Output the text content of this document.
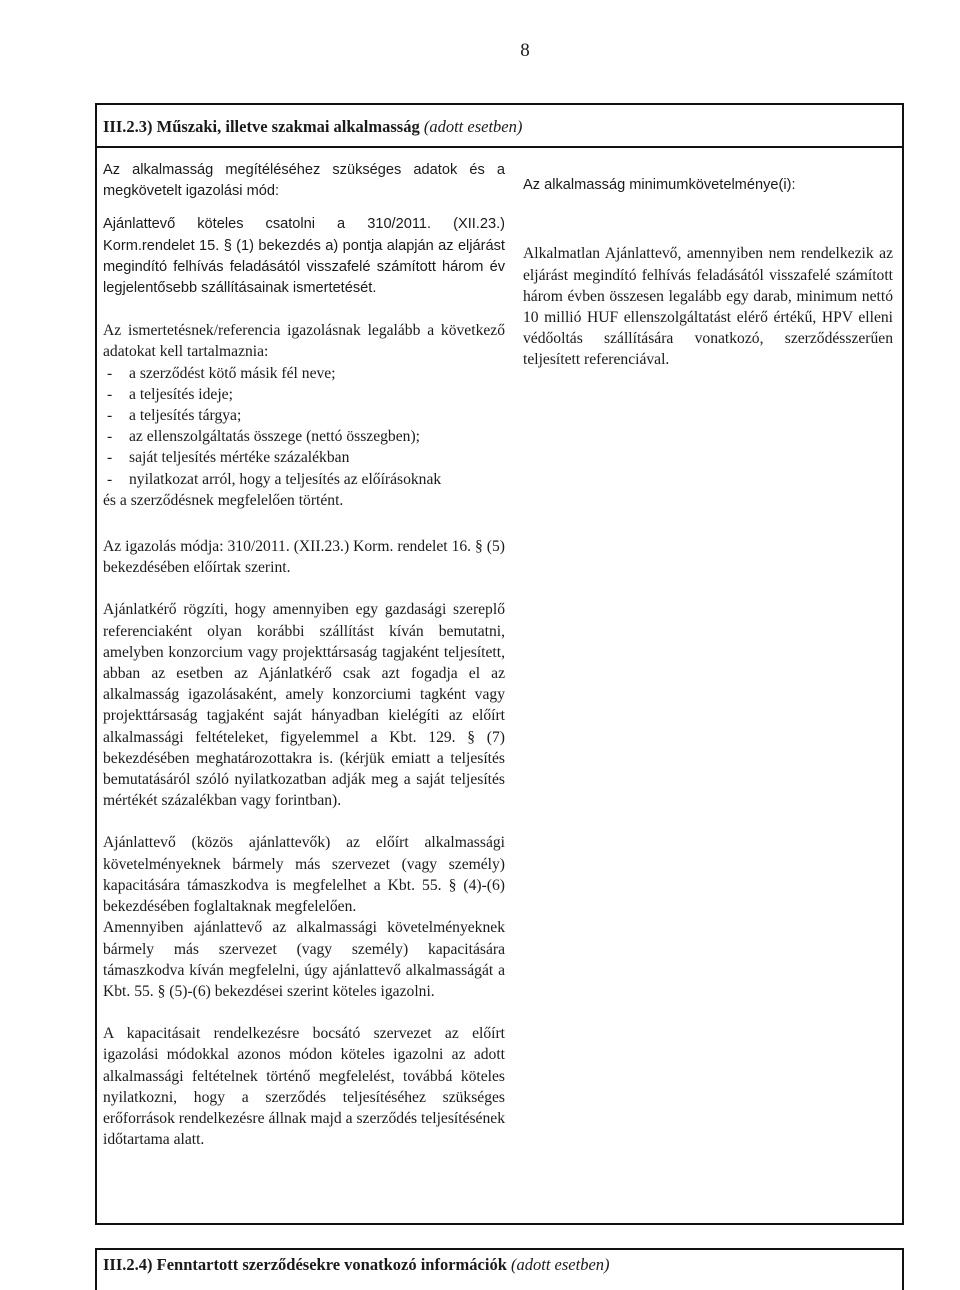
8
III.2.3) Műszaki, illetve szakmai alkalmasság (adott esetben)

Az alkalmasság megítéléséhez szükséges adatok és a megkövetelt igazolási mód:

Ajánlattevő köteles csatolni a 310/2011. (XII.23.) Korm.rendelet 15. § (1) bekezdés a) pontja alapján az eljárást megindító felhívás feladásától visszafelé számított három év legjelentősebb szállításainak ismertetését.

Az ismertetésnek/referencia igazolásnak legalább a következő adatokat kell tartalmaznia:

- a szerződést kötő másik fél neve;
- a teljesítés ideje;
- a teljesítés tárgya;
- az ellenszolgáltatás összege (nettó összegben);
- saját teljesítés mértéke százalékban
- nyilatkozat arról, hogy a teljesítés az előírásoknak

és a szerződésnek megfelelően történt.

Az igazolás módja: 310/2011. (XII.23.) Korm. rendelet 16. § (5) bekezdésében előírtak szerint.

Ajánlatkérő rögzíti, hogy amennyiben egy gazdasági szereplő referenciaként olyan korábbi szállítást kíván bemutatni, amelyben konzorcium vagy projekttársaság tagjaként teljesített, abban az esetben az Ajánlatkérő csak azt fogadja el az alkalmasság igazolásaként, amely konzorciumi tagként vagy projekttársaság tagjaként saját hányadban kielégíti az előírt alkalmassági feltételeket, figyelemmel a Kbt. 129. § (7) bekezdésében meghatározottakra is. (kérjük emiatt a teljesítés bemutatásáról szóló nyilatkozatban adják meg a saját teljesítés mértékét százalékban vagy forintban).

Ajánlattevő (közös ajánlattevők) az előírt alkalmassági követelményeknek bármely más szervezet (vagy személy) kapacitására támaszkodva is megfelelhet a Kbt. 55. § (4)-(6) bekezdésében foglaltaknak megfelelően.

Amennyiben ajánlattevő az alkalmassági követelményeknek bármely más szervezet (vagy személy) kapacitására támaszkodva kíván megfelelni, úgy ajánlattevő alkalmasságát a Kbt. 55. § (5)-(6) bekezdései szerint köteles igazolni.

A kapacitásait rendelkezésre bocsátó szervezet az előírt igazolási módokkal azonos módon köteles igazolni az adott alkalmassági feltételnek történő megfelelést, továbbá köteles nyilatkozni, hogy a szerződés teljesítéséhez szükséges erőforrások rendelkezésre állnak majd a szerződés teljesítésének időtartama alatt.

Az alkalmasság minimumkövetelménye(i):

Alkalmatlan Ajánlattevő, amennyiben nem rendelkezik az eljárást megindító felhívás feladásától visszafelé számított három évben összesen legalább egy darab, minimum nettó 10 millió HUF ellenszolgáltatást elérő értékű, HPV elleni védőoltás szállítására vonatkozó, szerződésszerűen teljesített referenciával.

III.2.4) Fenntartott szerződésekre vonatkozó információk (adott esetben)
